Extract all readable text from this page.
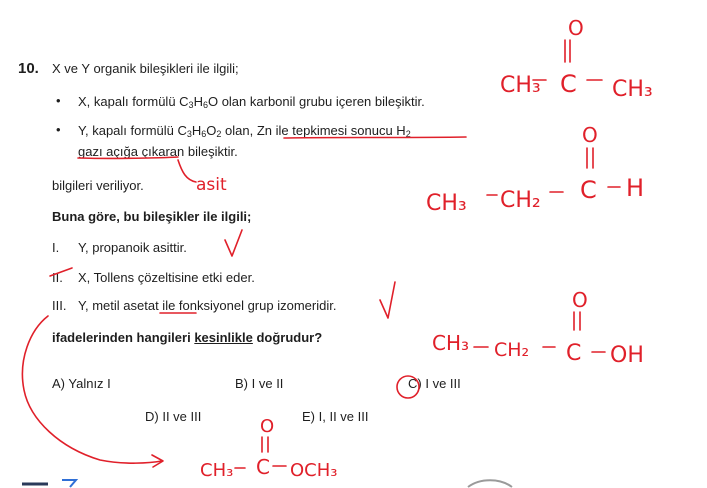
10. X ve Y organik bileşikleri ile ilgili;
• X, kapalı formülü $C_3H_6O$ olan karbonil grubu içeren bileşiktir.
• Y, kapalı formülü $C_3H_6O_2$ olan, Zn ile tepkimesi sonucu $H_2$
gazı açığa çıkaran bileşiktir.
bilgileri veriliyor.
Buna göre, bu bileşikler ile ilgili;
I. Y, propanoik asittir.
II. X, Tollens çözeltisine etki eder.
III. Y, metil asetat ile fonksiyonel grup izomeridir.
ifadelerinden hangileri kesinlikle doğrudur?
A) Yalnız I	B) I ve II	C) I ve III
D) II ve III	E) I, II ve III
asit
O
CH₃ C CH₃
O
CH₃ CH₂ C H
O
CH₃ CH₂ C OH
O
CH₃ C OCH₃
